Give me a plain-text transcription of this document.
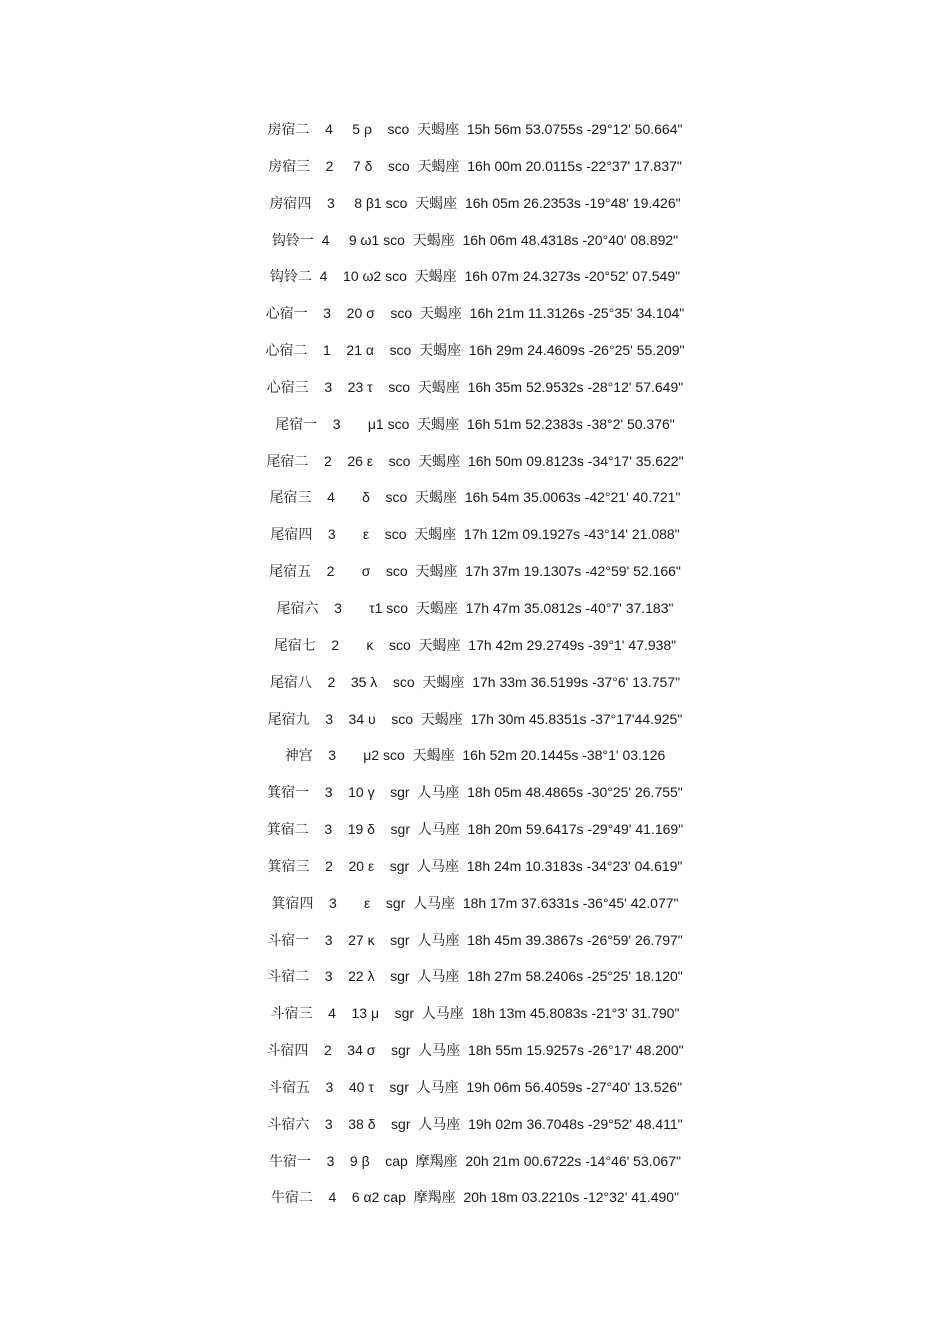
房宿二    4     5 ρ    sco  天蝎座  15h 56m 53.0755s -29°12' 50.664"
房宿三    2     7 δ    sco  天蝎座  16h 00m 20.0115s -22°37' 17.837"
房宿四    3     8 β1 sco  天蝎座  16h 05m 26.2353s -19°48' 19.426"
钩铃一  4     9 ω1 sco  天蝎座  16h 06m 48.4318s -20°40' 08.892"
钩铃二  4    10 ω2 sco  天蝎座  16h 07m 24.3273s -20°52' 07.549"
心宿一    3    20 σ    sco  天蝎座  16h 21m 11.3126s -25°35' 34.104"
心宿二    1    21 α    sco  天蝎座  16h 29m 24.4609s -26°25' 55.209"
心宿三    3    23 τ    sco  天蝎座  16h 35m 52.9532s -28°12' 57.649"
尾宿一    3       μ1 sco  天蝎座  16h 51m 52.2383s -38°2' 50.376"
尾宿二    2    26 ε    sco  天蝎座  16h 50m 09.8123s -34°17' 35.622"
尾宿三    4       δ    sco  天蝎座  16h 54m 35.0063s -42°21' 40.721"
尾宿四    3       ε    sco  天蝎座  17h 12m 09.1927s -43°14' 21.088"
尾宿五    2       σ    sco  天蝎座  17h 37m 19.1307s -42°59' 52.166"
尾宿六    3       τ1 sco  天蝎座  17h 47m 35.0812s -40°7' 37.183"
尾宿七    2       κ    sco  天蝎座  17h 42m 29.2749s -39°1' 47.938"
尾宿八    2    35 λ    sco  天蝎座  17h 33m 36.5199s -37°6' 13.757"
尾宿九    3    34 υ    sco  天蝎座  17h 30m 45.8351s -37°17'44.925"
神宫    3       μ2 sco  天蝎座  16h 52m 20.1445s -38°1' 03.126
箕宿一    3    10 γ    sgr  人马座  18h 05m 48.4865s -30°25' 26.755"
箕宿二    3    19 δ    sgr  人马座  18h 20m 59.6417s -29°49' 41.169"
箕宿三    2    20 ε    sgr  人马座  18h 24m 10.3183s -34°23' 04.619"
箕宿四    3       ε    sgr  人马座  18h 17m 37.6331s -36°45' 42.077"
斗宿一    3    27 κ    sgr  人马座  18h 45m 39.3867s -26°59' 26.797"
斗宿二    3    22 λ    sgr  人马座  18h 27m 58.2406s -25°25' 18.120"
斗宿三    4    13 μ    sgr  人马座  18h 13m 45.8083s -21°3' 31.790"
斗宿四    2    34 σ    sgr  人马座  18h 55m 15.9257s -26°17' 48.200"
斗宿五    3    40 τ    sgr  人马座  19h 06m 56.4059s -27°40' 13.526"
斗宿六    3    38 δ    sgr  人马座  19h 02m 36.7048s -29°52' 48.411"
牛宿一    3    9 β    cap  摩羯座  20h 21m 00.6722s -14°46' 53.067"
牛宿二    4    6 α2 cap  摩羯座  20h 18m 03.2210s -12°32' 41.490"
